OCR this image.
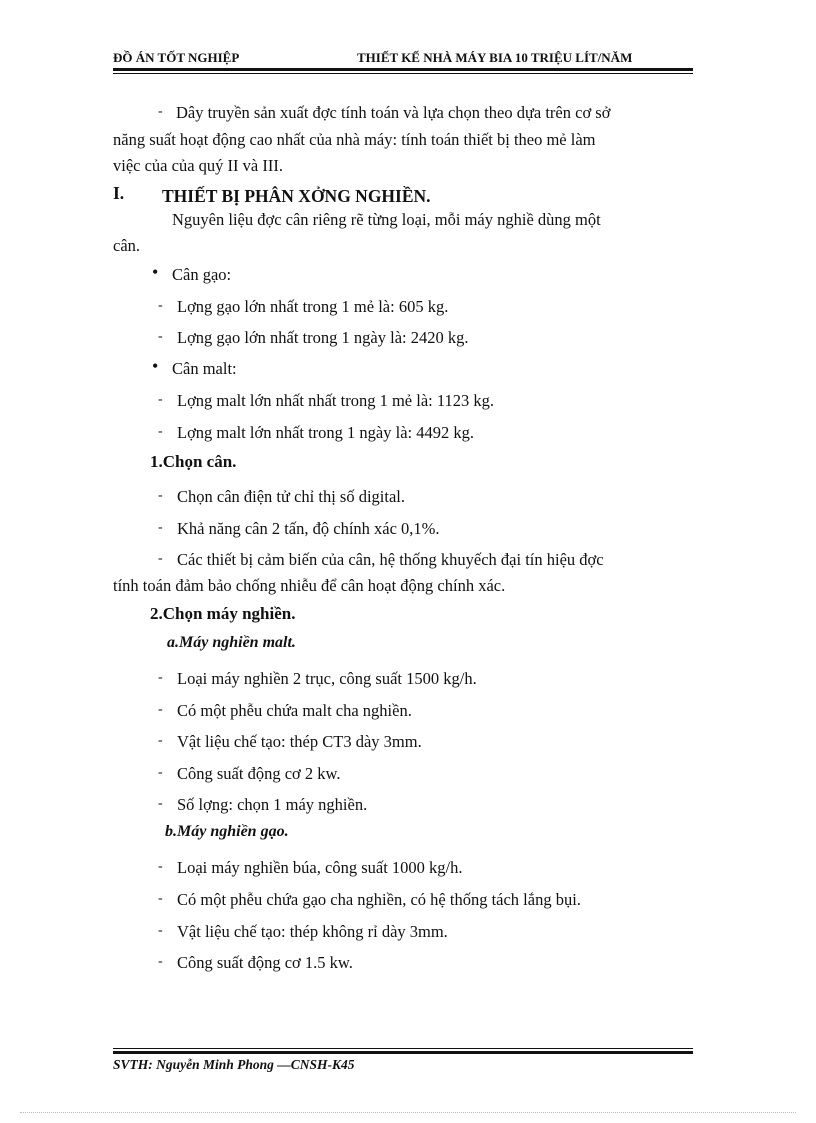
ĐỒ ÁN TỐT NGHIỆP	THIẾT KẾ NHÀ MÁY BIA 10 TRIỆU LÍT/NĂM
- Dây truyền sản xuất đợc tính toán và lựa chọn theo dựa trên cơ sở
năng suất hoạt động cao nhất của nhà máy: tính toán thiết bị theo mẻ làm
việc của của quý II và III.
I. THIẾT BỊ PHÂN XỞNG NGHIỀN.
Nguyên liệu đợc cân riêng rẽ từng loại, mỗi máy nghiề dùng một
cân.
• Cân gạo:
- Lợng gạo lớn nhất trong 1 mẻ là: 605 kg.
- Lợng gạo lớn nhất trong 1 ngày là: 2420 kg.
• Cân malt:
- Lợng malt lớn nhất nhất trong 1 mẻ là: 1123 kg.
- Lợng malt lớn nhất trong 1 ngày là: 4492 kg.
1.Chọn cân.
- Chọn cân điện tử chỉ thị số digital.
- Khả năng cân 2 tấn, độ chính xác 0,1%.
- Các thiết bị cảm biến của cân, hệ thống khuyếch đại tín hiệu đợc
tính toán đảm bảo chống nhiễu để cân hoạt động chính xác.
2.Chọn máy nghiền.
a.Máy nghiền malt.
- Loại máy nghiền 2 trục, công suất 1500 kg/h.
- Có một phễu chứa malt cha nghiền.
- Vật liệu chế tạo: thép CT3 dày 3mm.
- Công suất động cơ 2 kw.
- Số lợng: chọn 1 máy nghiền.
b.Máy nghiền gạo.
- Loại máy nghiền búa, công suất 1000 kg/h.
- Có một phễu chứa gạo cha nghiền, có hệ thống tách lắng bụi.
- Vật liệu chế tạo: thép không rỉ dày 3mm.
- Công suất động cơ 1.5 kw.
SVTH: Nguyễn Minh Phong —CNSH-K45
